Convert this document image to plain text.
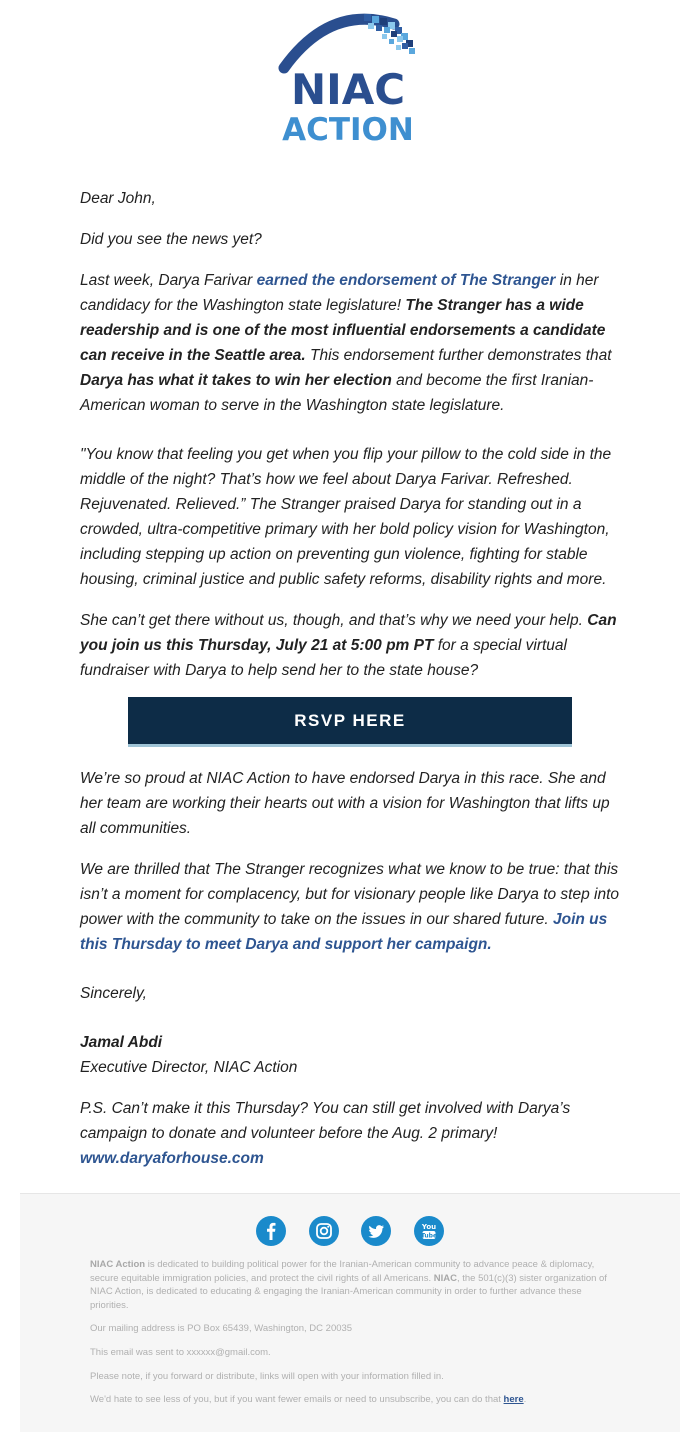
NIAC
ACTION

Dear John,

Did you see the news yet?

Last week, Darya Farivar earned the endorsement of The Stranger in her candidacy for the Washington state legislature! The Stranger has a wide readership and is one of the most influential endorsements a candidate can receive in the Seattle area. This endorsement further demonstrates that Darya has what it takes to win her election and become the first Iranian-American woman to serve in the Washington state legislature.

"You know that feeling you get when you flip your pillow to the cold side in the middle of the night? That’s how we feel about Darya Farivar. Refreshed. Rejuvenated. Relieved.” The Stranger praised Darya for standing out in a crowded, ultra-competitive primary with her bold policy vision for Washington, including stepping up action on preventing gun violence, fighting for stable housing, criminal justice and public safety reforms, disability rights and more.

She can’t get there without us, though, and that’s why we need your help. Can you join us this Thursday, July 21 at 5:00 pm PT for a special virtual fundraiser with Darya to help send her to the state house?

RSVP HERE

We’re so proud at NIAC Action to have endorsed Darya in this race. She and her team are working their hearts out with a vision for Washington that lifts up all communities.

We are thrilled that The Stranger recognizes what we know to be true: that this isn’t a moment for complacency, but for visionary people like Darya to step into power with the community to take on the issues in our shared future. Join us this Thursday to meet Darya and support her campaign.

Sincerely,

Jamal Abdi

Executive Director, NIAC Action

P.S. Can’t make it this Thursday? You can still get involved with Darya’s campaign to donate and volunteer before the Aug. 2 primary!
www.daryaforhouse.com

You
Tube

NIAC Action is dedicated to building political power for the Iranian-American community to advance peace & diplomacy, secure equitable immigration policies, and protect the civil rights of all Americans. NIAC, the 501(c)(3) sister organization of NIAC Action, is dedicated to educating & engaging the Iranian-American community in order to further advance these priorities.

Our mailing address is PO Box 65439, Washington, DC 20035

This email was sent to xxxxxx@gmail.com.

Please note, if you forward or distribute, links will open with your information filled in.

We'd hate to see less of you, but if you want fewer emails or need to unsubscribe, you can do that here.
